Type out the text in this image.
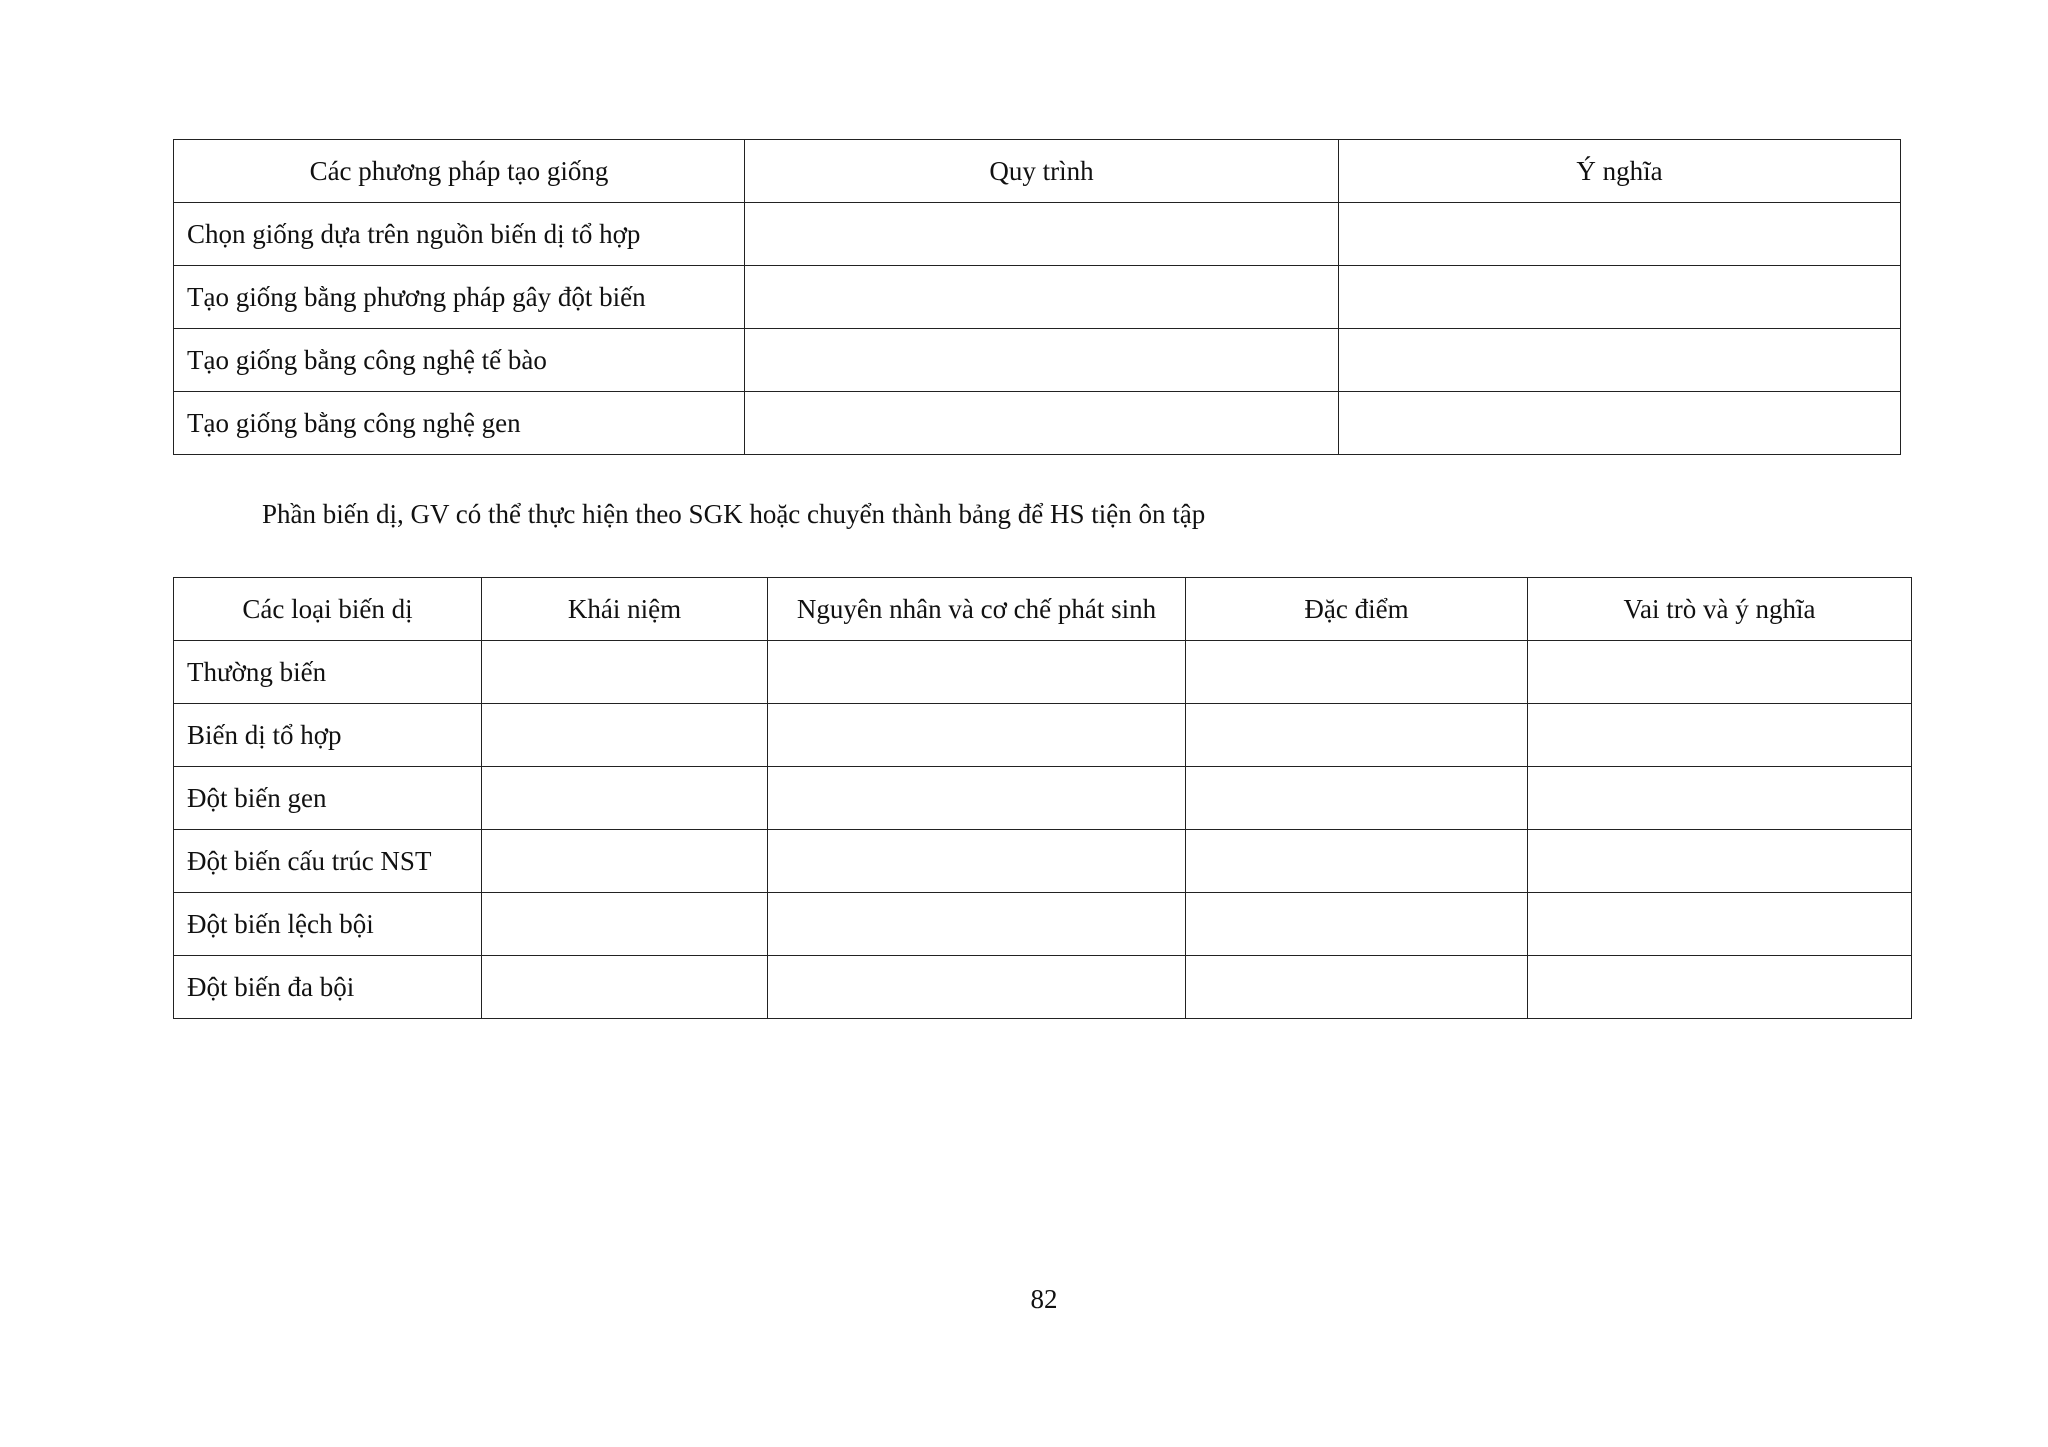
Các phương pháp tạo giống	Quy trình	Ý nghĩa
Chọn giống dựa trên nguồn biến dị tổ hợp		
Tạo giống bằng phương pháp gây đột biến		
Tạo giống bằng công nghệ tế bào		
Tạo giống bằng công nghệ gen		
Phần biến dị, GV có thể thực hiện theo SGK hoặc chuyển thành bảng để HS tiện ôn tập
Các loại biến dị	Khái niệm	Nguyên nhân và cơ chế phát sinh	Đặc điểm	Vai trò và ý nghĩa
Thường biến				
Biến dị tổ hợp				
Đột biến gen				
Đột biến cấu trúc NST				
Đột biến lệch bội				
Đột biến đa bội				
82
